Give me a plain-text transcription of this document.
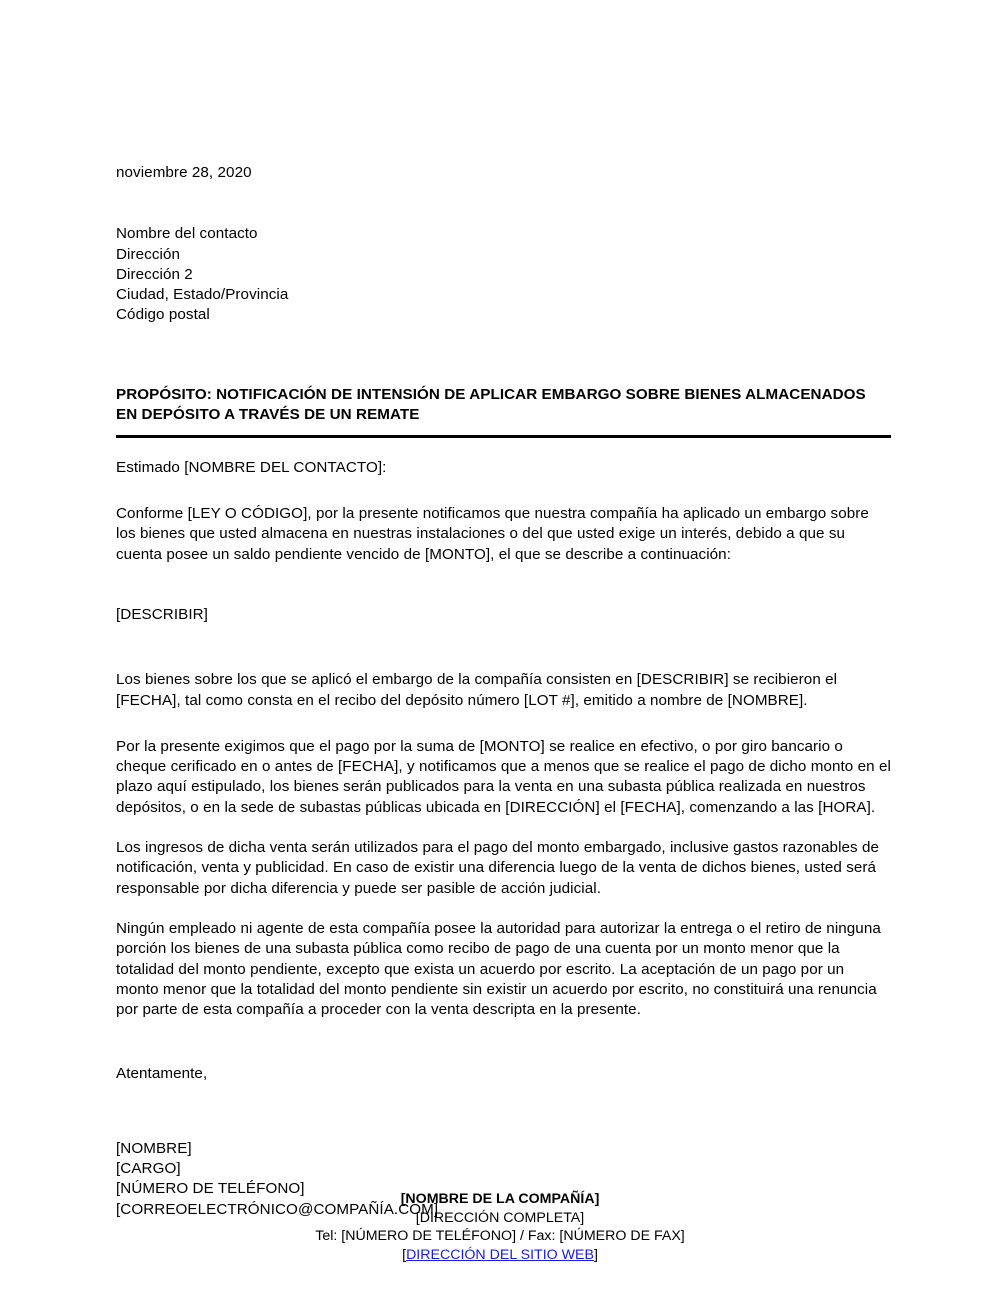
noviembre 28, 2020

Nombre del contacto

Dirección

Dirección 2

Ciudad, Estado/Provincia

Código postal

PROPÓSITO: NOTIFICACIÓN DE INTENSIÓN DE APLICAR EMBARGO SOBRE BIENES ALMACENADOS EN DEPÓSITO A TRAVÉS DE UN REMATE

Estimado [NOMBRE DEL CONTACTO]:

Conforme [LEY O CÓDIGO], por la presente notificamos que nuestra compañía ha aplicado un embargo sobre los bienes que usted almacena en nuestras instalaciones o del que usted exige un interés, debido a que su cuenta posee un saldo pendiente vencido de [MONTO], el que se describe a continuación:

[DESCRIBIR]

Los bienes sobre los que se aplicó el embargo de la compañía consisten en [DESCRIBIR] se recibieron el [FECHA], tal como consta en el recibo del depósito número [LOT #], emitido a nombre de [NOMBRE].

Por la presente exigimos que el pago por la suma de [MONTO] se realice en efectivo, o por giro bancario o cheque cerificado en o antes de [FECHA], y notificamos que a menos que se realice el pago de dicho monto en el plazo aquí estipulado, los bienes serán publicados para la venta en una subasta pública realizada en nuestros depósitos, o en la sede de subastas públicas ubicada en [DIRECCIÓN] el [FECHA], comenzando a las [HORA].

Los ingresos de dicha venta serán utilizados para el pago del monto embargado, inclusive gastos razonables de notificación, venta y publicidad. En caso de existir una diferencia luego de la venta de dichos bienes, usted será responsable por dicha diferencia y puede ser pasible de acción judicial.

Ningún empleado ni agente de esta compañía posee la autoridad para autorizar la entrega o el retiro de ninguna porción los bienes de una subasta pública como recibo de pago de una cuenta por un monto menor que la totalidad del monto pendiente, excepto que exista un acuerdo por escrito. La aceptación de un pago por un monto menor que la totalidad del monto pendiente sin existir un acuerdo por escrito, no constituirá una renuncia por parte de esta compañía a proceder con la venta descripta en la presente.

Atentamente,

[NOMBRE]

[CARGO]

[NÚMERO DE TELÉFONO]

[CORREOELECTRÓNICO@COMPAÑÍA.COM]

[NOMBRE DE LA COMPAÑÍA]

[DIRECCIÓN COMPLETA]

Tel: [NÚMERO DE TELÉFONO] / Fax: [NÚMERO DE FAX]

[DIRECCIÓN DEL SITIO WEB]
